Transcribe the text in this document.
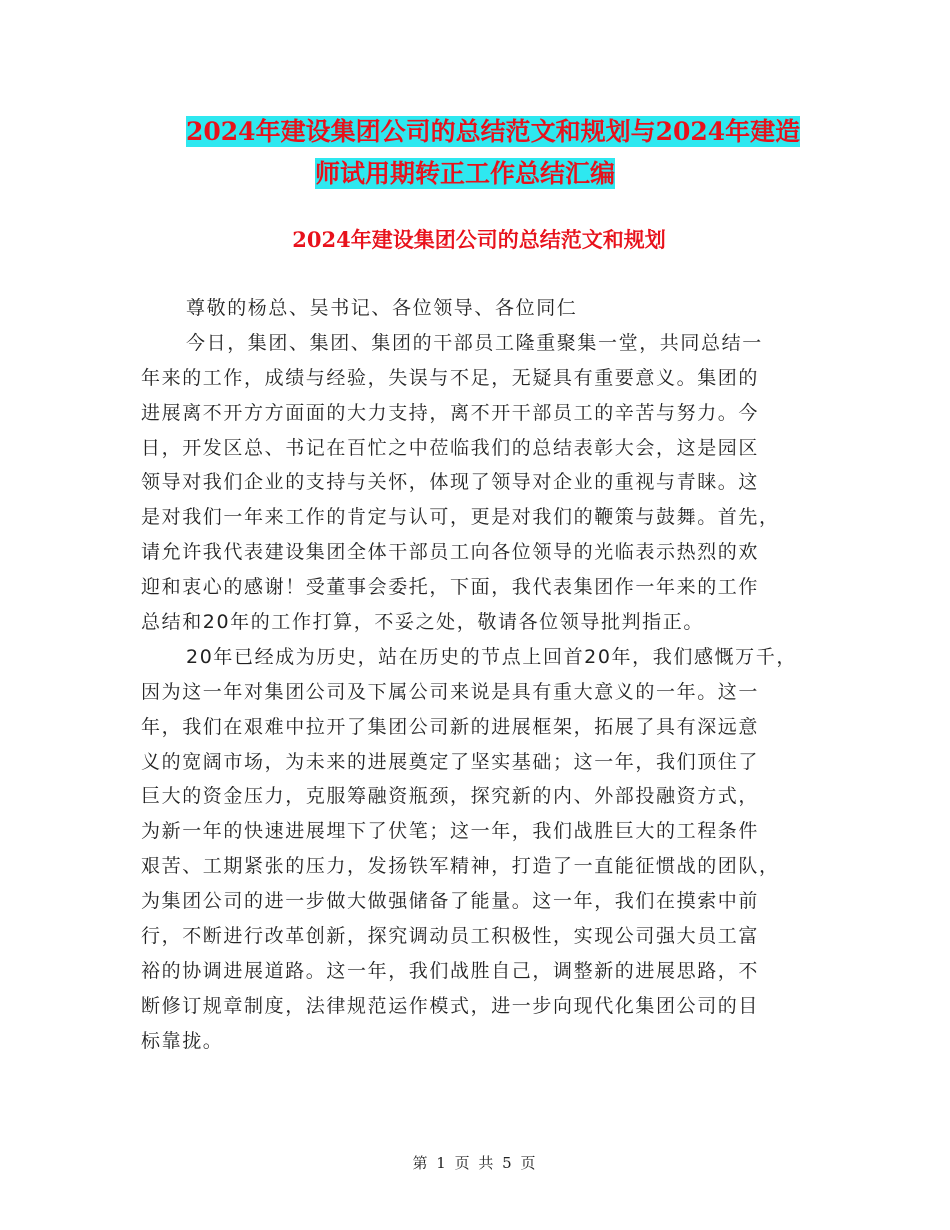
2024年建设集团公司的总结范文和规划与2024年建造
师试用期转正工作总结汇编
2024年建设集团公司的总结范文和规划
尊敬的杨总、吴书记、各位领导、各位同仁
今日，集团、集团、集团的干部员工隆重聚集一堂，共同总结一
年来的工作，成绩与经验，失误与不足，无疑具有重要意义。集团的
进展离不开方方面面的大力支持，离不开干部员工的辛苦与努力。今
日，开发区总、书记在百忙之中莅临我们的总结表彰大会，这是园区
领导对我们企业的支持与关怀，体现了领导对企业的重视与青睐。这
是对我们一年来工作的肯定与认可，更是对我们的鞭策与鼓舞。首先，
请允许我代表建设集团全体干部员工向各位领导的光临表示热烈的欢
迎和衷心的感谢！受董事会委托，下面，我代表集团作一年来的工作
总结和20年的工作打算，不妥之处，敬请各位领导批判指正。
20年已经成为历史，站在历史的节点上回首20年，我们感慨万千，
因为这一年对集团公司及下属公司来说是具有重大意义的一年。这一
年，我们在艰难中拉开了集团公司新的进展框架，拓展了具有深远意
义的宽阔市场，为未来的进展奠定了坚实基础；这一年，我们顶住了
巨大的资金压力，克服筹融资瓶颈，探究新的内、外部投融资方式，
为新一年的快速进展埋下了伏笔；这一年，我们战胜巨大的工程条件
艰苦、工期紧张的压力，发扬铁军精神，打造了一直能征惯战的团队，
为集团公司的进一步做大做强储备了能量。这一年，我们在摸索中前
行，不断进行改革创新，探究调动员工积极性，实现公司强大员工富
裕的协调进展道路。这一年，我们战胜自己，调整新的进展思路，不
断修订规章制度，法律规范运作模式，进一步向现代化集团公司的目
标靠拢。
第 1 页 共 5 页
